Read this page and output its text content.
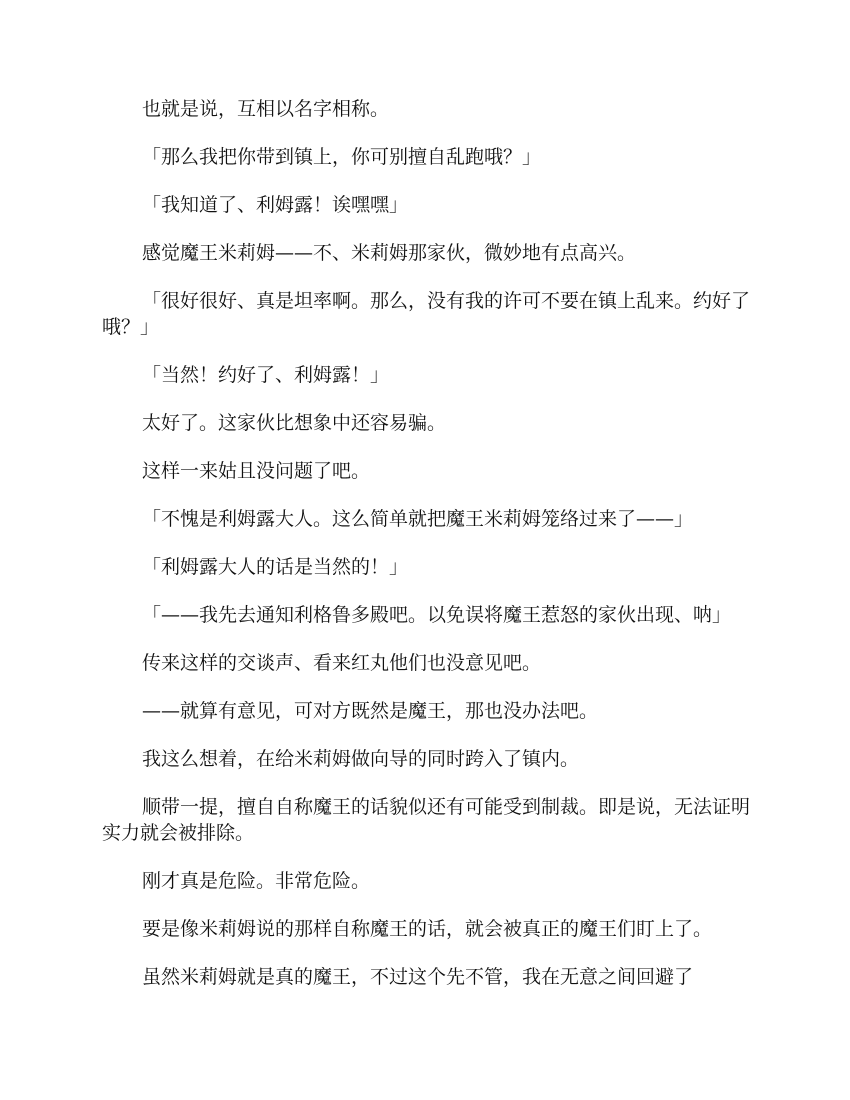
也就是说，互相以名字相称。

「那么我把你带到镇上，你可别擅自乱跑哦？」

「我知道了、利姆露！诶嘿嘿」

感觉魔王米莉姆——不、米莉姆那家伙，微妙地有点高兴。

「很好很好、真是坦率啊。那么，没有我的许可不要在镇上乱来。约好了哦？」

「当然！约好了、利姆露！」

太好了。这家伙比想象中还容易骗。

这样一来姑且没问题了吧。

「不愧是利姆露大人。这么简单就把魔王米莉姆笼络过来了——」

「利姆露大人的话是当然的！」

「——我先去通知利格鲁多殿吧。以免误将魔王惹怒的家伙出现、呐」

传来这样的交谈声、看来红丸他们也没意见吧。

——就算有意见，可对方既然是魔王，那也没办法吧。

我这么想着，在给米莉姆做向导的同时跨入了镇内。

顺带一提，擅自自称魔王的话貌似还有可能受到制裁。即是说，无法证明实力就会被排除。

刚才真是危险。非常危险。

要是像米莉姆说的那样自称魔王的话，就会被真正的魔王们盯上了。

虽然米莉姆就是真的魔王，不过这个先不管，我在无意之间回避了
